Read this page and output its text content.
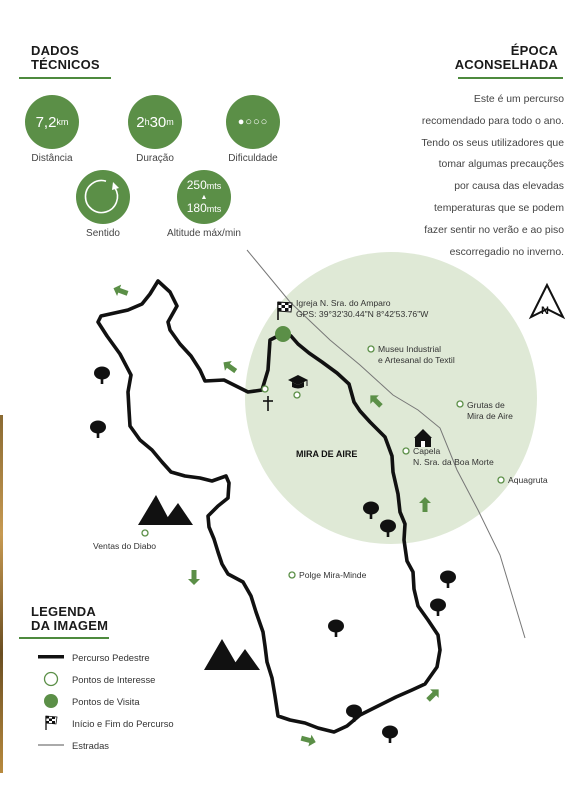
DADOS
TÉCNICOS
7,2 km
Distância
2 h 30 m
Duração
●○○○
Dificuldade
Sentido
250mts
▲
180mts
Altitude máx/min
ÉPOCA
ACONSELHADA
Este é um percurso
recomendado para todo o ano.
Tendo os seus utilizadores que
tomar algumas precauções
por causa das elevadas
temperaturas que se podem
fazer sentir no verão e ao piso
escorregadio no inverno.
N
Igreja N. Sra. do Amparo
GPS: 39°32'30.44"N 8°42'53.76"W
Museu Industrial
e Artesanal do Textil
Grutas de
Mira de Aire
MIRA DE AIRE	Capela
N. Sra. da Boa Morte
Aquagruta
Ventas do Diabo
Polge Mira-Minde
LEGENDA
DA IMAGEM
Percurso Pedestre
Pontos de Interesse
Pontos de Visita
Início e Fim do Percurso
Estradas
